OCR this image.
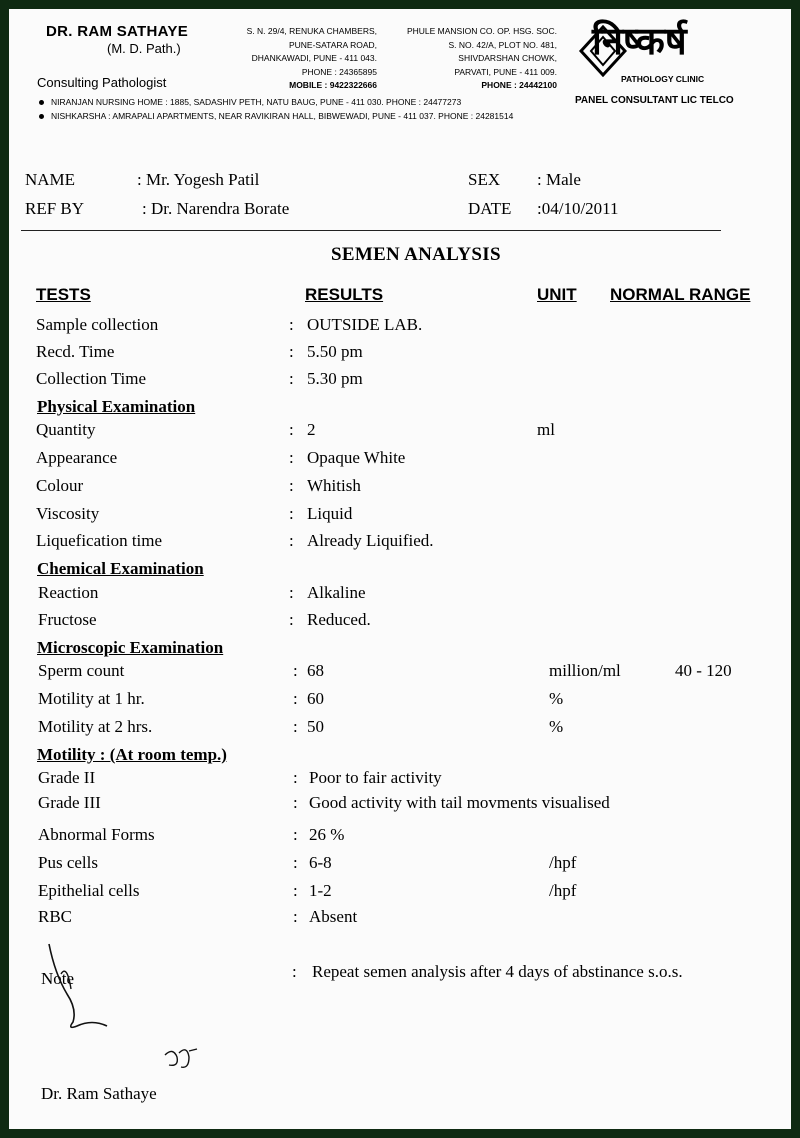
DR. RAM SATHAYE
(M. D. Path.)
Consulting Pathologist
S. N. 29/4, RENUKA CHAMBERS,
PUNE-SATARA ROAD,
DHANKAWADI, PUNE - 411 043.
PHONE : 24365895
MOBILE : 9422322666
PHULE MANSION CO. OP. HSG. SOC.
S. NO. 42/A, PLOT NO. 481,
SHIVDARSHAN CHOWK,
PARVATI, PUNE - 411 009.
PHONE : 24442100
NIRANJAN NURSING HOME : 1885, SADASHIV PETH, NATU BAUG, PUNE - 411 030. PHONE : 24477273
NISHKARSHA : AMRAPALI APARTMENTS, NEAR RAVIKIRAN HALL, BIBWEWADI, PUNE - 411 037. PHONE : 24281514
निष्कर्ष
PATHOLOGY CLINIC
PANEL CONSULTANT LIC TELCO
NAME	: Mr. Yogesh Patil
REF BY	: Dr. Narendra Borate
SEX : Male
DATE :04/10/2011
SEMEN ANALYSIS
TESTS	RESULTS	UNIT NORMAL RANGE
Sample collection	: OUTSIDE LAB.
Recd. Time	: 5.50 pm
Collection Time	: 5.30 pm
Physical Examination
Quantity	: 2	ml
Appearance	: Opaque White
Colour	: Whitish
Viscosity	: Liquid
Liquefication time	: Already Liquified.
Chemical Examination
Reaction	: Alkaline
Fructose	: Reduced.
Microscopic Examination
Sperm count	: 68	million/ml	40 - 120
Motility at 1 hr.	: 60	%
Motility at 2 hrs.	: 50	%
Motility : (At room temp.)
Grade II	: Poor to fair activity
Grade III	: Good activity with tail movments visualised
Abnormal Forms	: 26 %
Pus cells	: 6-8	/hpf
Epithelial cells	: 1-2	/hpf
RBC	: Absent
Note	: Repeat semen analysis after 4 days of abstinance s.o.s.
Dr. Ram Sathaye
